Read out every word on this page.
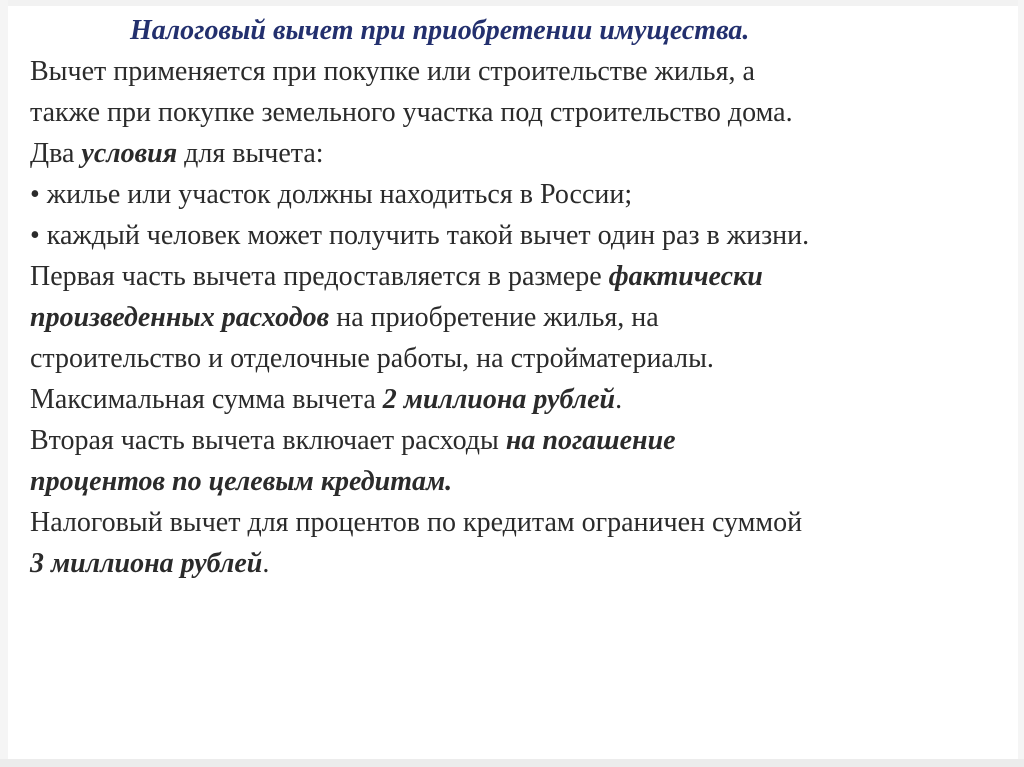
Налоговый вычет при приобретении имущества.
Вычет применяется при покупке или строительстве жилья, а
также при покупке земельного участка под строительство дома.
Два условия для вычета:
• жилье или участок должны находиться в России;
• каждый человек может получить такой вычет один раз в жизни.
Первая часть вычета предоставляется в размере фактически
произведенных расходов на приобретение жилья, на
строительство и отделочные работы, на стройматериалы.
Максимальная сумма вычета 2 миллиона рублей.
Вторая часть вычета включает расходы на погашение
процентов по целевым кредитам.
Налоговый вычет для процентов по кредитам ограничен суммой
3 миллиона рублей.
